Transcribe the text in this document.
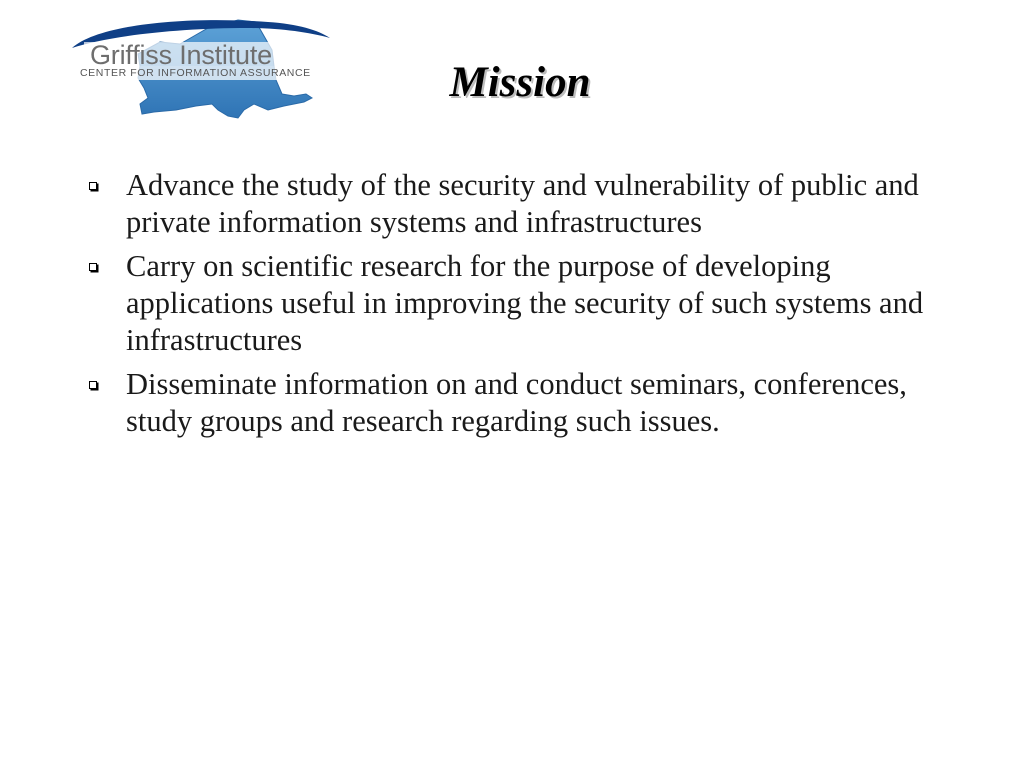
Griffiss Institute
CENTER FOR INFORMATION ASSURANCE	Mission
Advance the study of the security and vulnerability of public and private information systems and infrastructures
Carry on scientific research for the purpose of developing applications useful in improving the security of such systems and infrastructures
Disseminate information on and conduct seminars, conferences, study groups and research regarding such issues.
